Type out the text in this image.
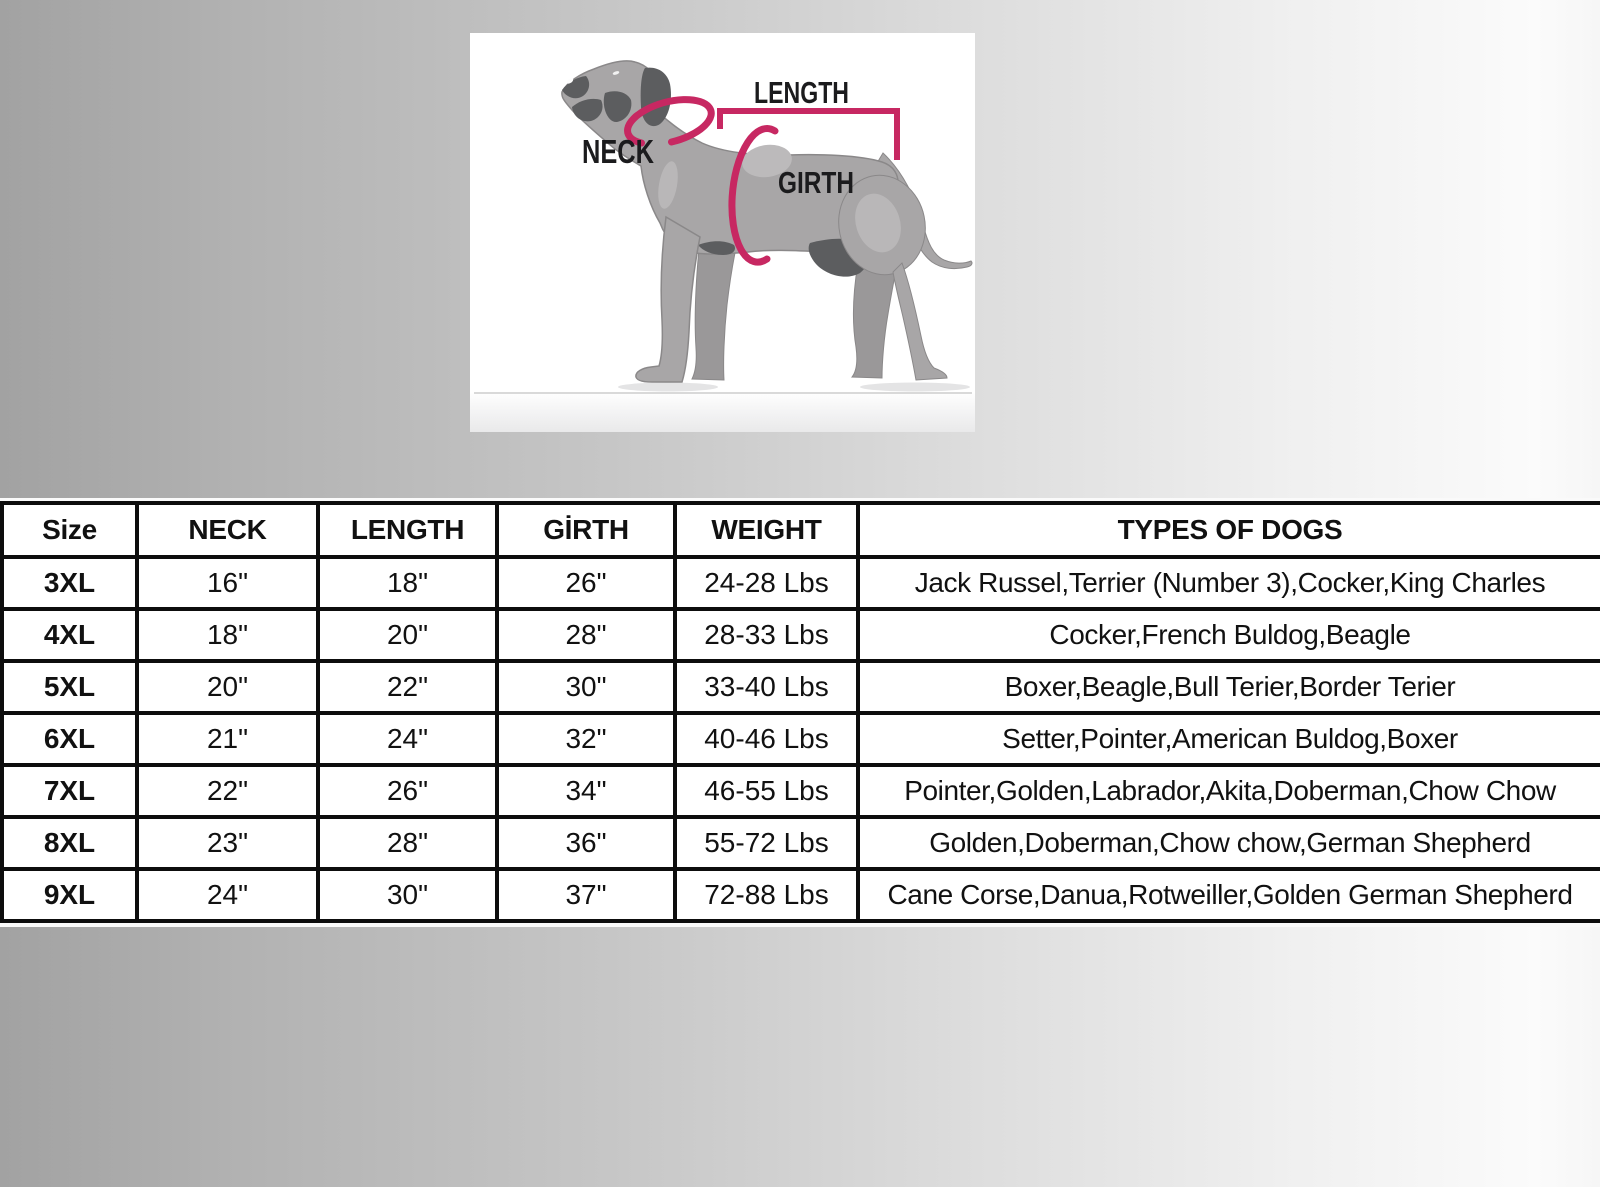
LENGTH
NECK
GIRTH
Size	NECK	LENGTH	GİRTH	WEIGHT	TYPES OF DOGS
3XL	16"	18"	26"	24-28 Lbs	Jack Russel,Terrier (Number 3),Cocker,King Charles
4XL	18"	20"	28"	28-33 Lbs	Cocker,French Buldog,Beagle
5XL	20"	22"	30"	33-40 Lbs	Boxer,Beagle,Bull Terier,Border Terier
6XL	21"	24"	32"	40-46 Lbs	Setter,Pointer,American Buldog,Boxer
7XL	22"	26"	34"	46-55 Lbs	Pointer,Golden,Labrador,Akita,Doberman,Chow Chow
8XL	23"	28"	36"	55-72 Lbs	Golden,Doberman,Chow chow,German Shepherd
9XL	24"	30"	37"	72-88 Lbs	Cane Corse,Danua,Rotweiller,Golden German Shepherd
